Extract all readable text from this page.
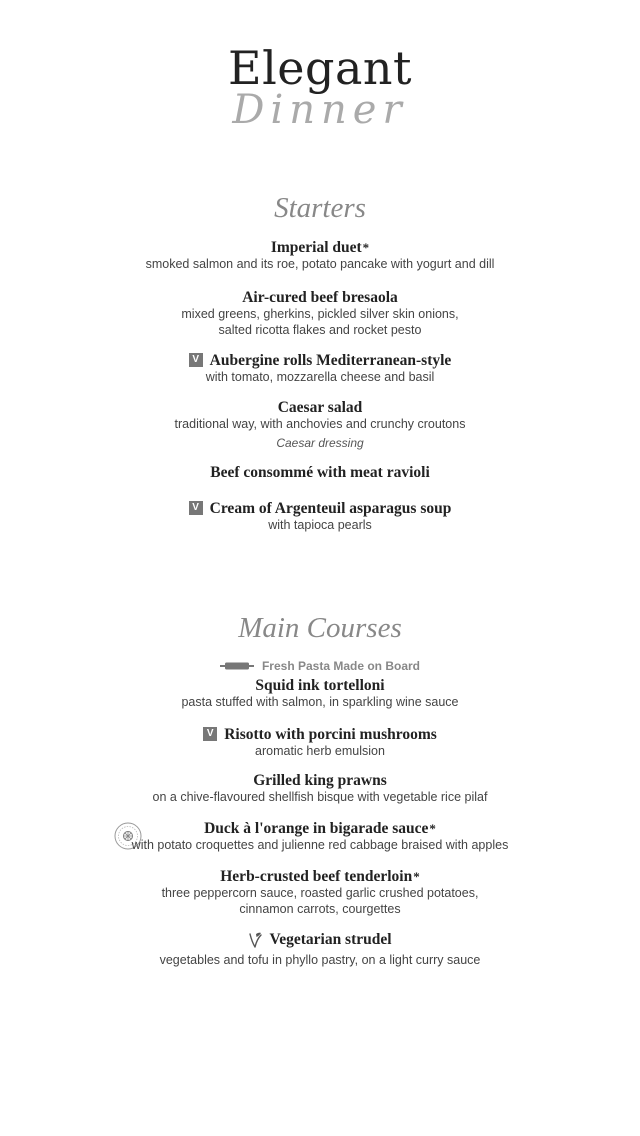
Dinner
Elegant
Starters
Imperial duet *
smoked salmon and its roe, potato pancake with yogurt and dill
Air-cured beef bresaola
mixed greens, gherkins, pickled silver skin onions,
salted ricotta flakes and rocket pesto
V Aubergine rolls Mediterranean-style
with tomato, mozzarella cheese and basil
Caesar salad
traditional way, with anchovies and crunchy croutons
Caesar dressing
Beef consommé with meat ravioli
V Cream of Argenteuil asparagus soup
with tapioca pearls
Main Courses
Fresh Pasta Made on Board
Squid ink tortelloni
pasta stuffed with salmon, in sparkling wine sauce
V Risotto with porcini mushrooms
aromatic herb emulsion
Grilled king prawns
on a chive-flavoured shellfish bisque with vegetable rice pilaf
Duck à l'orange in bigarade sauce *
with potato croquettes and julienne red cabbage braised with apples
Herb-crusted beef tenderloin *
three peppercorn sauce, roasted garlic crushed potatoes,
cinnamon carrots, courgettes
Vegetarian strudel
vegetables and tofu in phyllo pastry, on a light curry sauce
